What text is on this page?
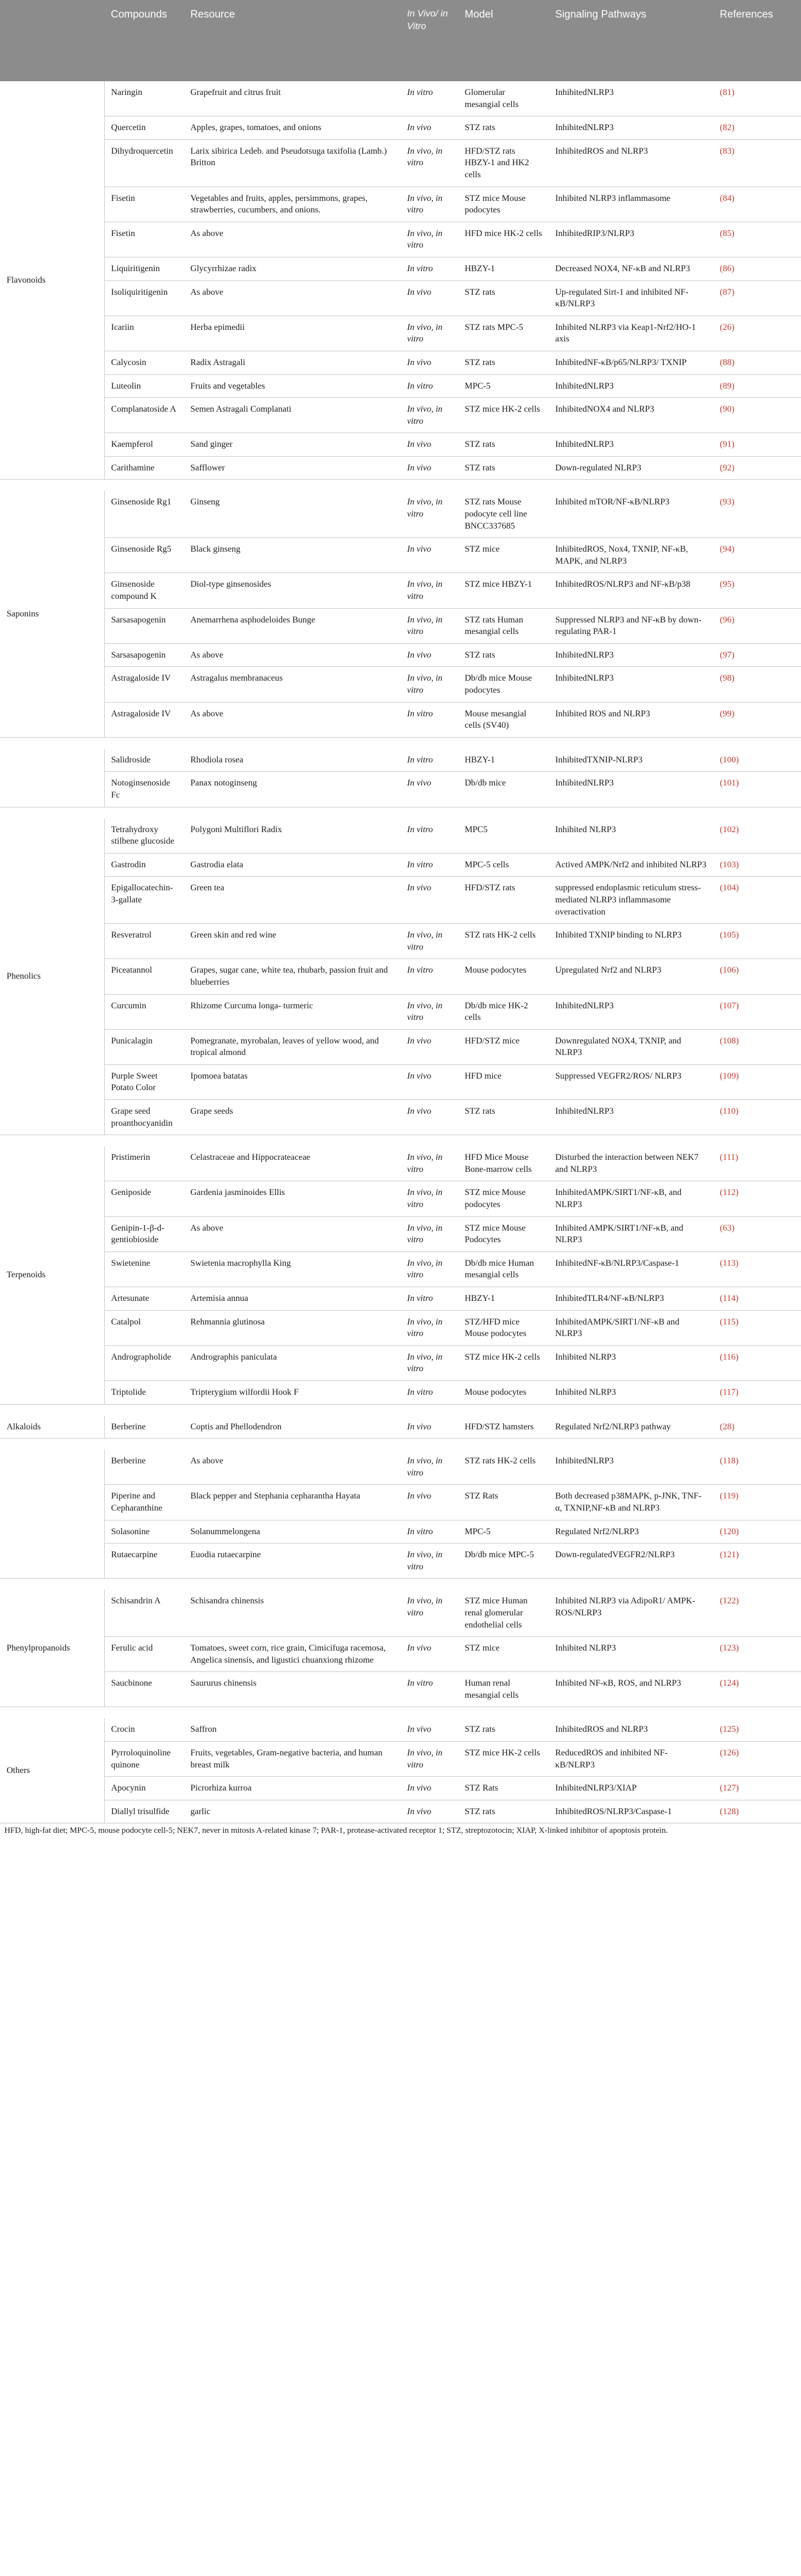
	Compounds	Resource	In Vivo/ in Vitro	Model	Signaling Pathways	References
Flavonoids	Naringin	Grapefruit and citrus fruit	In vitro	Glomerular mesangial cells	InhibitedNLRP3	(81)
	Quercetin	Apples, grapes, tomatoes, and onions	In vivo	STZ rats	InhibitedNLRP3	(82)
	Dihydroquercetin	Larix sibirica Ledeb. and Pseudotsuga taxifolia (Lamb.) Britton	In vivo, in vitro	HFD/STZ rats HBZY-1 and HK2 cells	InhibitedROS and NLRP3	(83)
	Fisetin	Vegetables and fruits, apples, persimmons, grapes, strawberries, cucumbers, and onions.	In vivo, in vitro	STZ mice Mouse podocytes	Inhibited NLRP3 inflammasome	(84)
	Fisetin	As above	In vivo, in vitro	HFD mice HK-2 cells	InhibitedRIP3/NLRP3	(85)
	Liquiritigenin	Glycyrrhizae radix	In vitro	HBZY-1	Decreased NOX4, NF-κB and NLRP3	(86)
	Isoliquiritigenin	As above	In vivo	STZ rats	Up-regulated Sirt-1 and inhibited NF-κB/NLRP3	(87)
	Icariin	Herba epimedii	In vivo, in vitro	STZ rats MPC-5	Inhibited NLRP3 via Keap1-Nrf2/HO-1 axis	(26)
	Calycosin	Radix Astragali	In vivo	STZ rats	InhibitedNF-κB/p65/NLRP3/ TXNIP	(88)
	Luteolin	Fruits and vegetables	In vitro	MPC-5	InhibitedNLRP3	(89)
	Complanatoside A	Semen Astragali Complanati	In vivo, in vitro	STZ mice HK-2 cells	InhibitedNOX4 and NLRP3	(90)
	Kaempferol	Sand ginger	In vivo	STZ rats	InhibitedNLRP3	(91)
	Carithamine	Safflower	In vivo	STZ rats	Down-regulated NLRP3	(92)

Saponins	Ginsenoside Rg1	Ginseng	In vivo, in vitro	STZ rats Mouse podocyte cell line BNCC337685	Inhibited mTOR/NF-κB/NLRP3	(93)
	Ginsenoside Rg5	Black ginseng	In vivo	STZ mice	InhibitedROS, Nox4, TXNIP, NF-κB, MAPK, and NLRP3	(94)
	Ginsenoside compound K	Diol-type ginsenosides	In vivo, in vitro	STZ mice HBZY-1	InhibitedROS/NLRP3 and NF-κB/p38	(95)
	Sarsasapogenin	Anemarrhena asphodeloides Bunge	In vivo, in vitro	STZ rats Human mesangial cells	Suppressed NLRP3 and NF-κB by down-regulating PAR-1	(96)
	Sarsasapogenin	As above	In vivo	STZ rats	InhibitedNLRP3	(97)
	Astragaloside IV	Astragalus membranaceus	In vivo, in vitro	Db/db mice Mouse podocytes	InhibitedNLRP3	(98)
	Astragaloside IV	As above	In vitro	Mouse mesangial cells (SV40)	Inhibited ROS and NLRP3	(99)

	Salidroside	Rhodiola rosea	In vitro	HBZY-1	InhibitedTXNIP-NLRP3	(100)
	Notoginsenoside Fc	Panax notoginseng	In vivo	Db/db mice	InhibitedNLRP3	(101)

Phenolics	Tetrahydroxy stilbene glucoside	Polygoni Multiflori Radix	In vitro	MPC5	Inhibited NLRP3	(102)
	Gastrodin	Gastrodia elata	In vitro	MPC-5 cells	Actived AMPK/Nrf2 and inhibited NLRP3	(103)
	Epigallocatechin-3-gallate	Green tea	In vivo	HFD/STZ rats	suppressed endoplasmic reticulum stress-mediated NLRP3 inflammasome overactivation	(104)
	Resveratrol	Green skin and red wine	In vivo, in vitro	STZ rats HK-2 cells	Inhibited TXNIP binding to NLRP3	(105)
	Piceatannol	Grapes, sugar cane, white tea, rhubarb, passion fruit and blueberries	In vitro	Mouse podocytes	Upregulated Nrf2 and NLRP3	(106)
	Curcumin	Rhizome Curcuma longa- turmeric	In vivo, in vitro	Db/db mice HK-2 cells	InhibitedNLRP3	(107)
	Punicalagin	Pomegranate, myrobalan, leaves of yellow wood, and tropical almond	In vivo	HFD/STZ mice	Downregulated NOX4, TXNIP, and NLRP3	(108)
	Purple Sweet Potato Color	Ipomoea batatas	In vivo	HFD mice	Suppressed VEGFR2/ROS/ NLRP3	(109)
	Grape seed proanthocyanidin	Grape seeds	In vivo	STZ rats	InhibitedNLRP3	(110)

Terpenoids	Pristimerin	Celastraceae and Hippocrateaceae	In vivo, in vitro	HFD Mice Mouse Bone-marrow cells	Disturbed the interaction between NEK7 and NLRP3	(111)
	Geniposide	Gardenia jasminoides Ellis	In vivo, in vitro	STZ mice Mouse podocytes	InhibitedAMPK/SIRT1/NF-κB, and NLRP3	(112)
	Genipin-1-β-d-gentiobioside	As above	In vivo, in vitro	STZ mice Mouse Podocytes	Inhibited AMPK/SIRT1/NF-κB, and NLRP3	(63)
	Swietenine	Swietenia macrophylla King	In vivo, in vitro	Db/db mice Human mesangial cells	InhibitedNF-κB/NLRP3/Caspase-1	(113)
	Artesunate	Artemisia annua	In vitro	HBZY-1	InhibitedTLR4/NF-κB/NLRP3	(114)
	Catalpol	Rehmannia glutinosa	In vivo, in vitro	STZ/HFD mice Mouse podocytes	InhibitedAMPK/SIRT1/NF-κB and NLRP3	(115)
	Andrographolide	Andrographis paniculata	In vivo, in vitro	STZ mice HK-2 cells	Inhibited NLRP3	(116)
	Triptolide	Tripterygium wilfordii Hook F	In vitro	Mouse podocytes	Inhibited NLRP3	(117)

Alkaloids	Berberine	Coptis and Phellodendron	In vivo	HFD/STZ hamsters	Regulated Nrf2/NLRP3 pathway	(28)

	Berberine	As above	In vivo, in vitro	STZ rats HK-2 cells	InhibitedNLRP3	(118)
	Piperine and Cepharanthine	Black pepper and Stephania cepharantha Hayata	In vivo	STZ Rats	Both decreased p38MAPK, p-JNK, TNF-α, TXNIP,NF-κB and NLRP3	(119)
	Solasonine	Solanummelongena	In vitro	MPC-5	Regulated Nrf2/NLRP3	(120)
	Rutaecarpine	Euodia rutaecarpine	In vivo, in vitro	Db/db mice MPC-5	Down-regulatedVEGFR2/NLRP3	(121)

Phenylpropanoids	Schisandrin A	Schisandra chinensis	In vivo, in vitro	STZ mice Human renal glomerular endothelial cells	Inhibited NLRP3 via AdipoR1/ AMPK-ROS/NLRP3	(122)
	Ferulic acid	Tomatoes, sweet corn, rice grain, Cimicifuga racemosa, Angelica sinensis, and ligustici chuanxiong rhizome	In vivo	STZ mice	Inhibited NLRP3	(123)
	Saucbinone	Saururus chinensis	In vitro	Human renal mesangial cells	Inhibited NF-κB, ROS, and NLRP3	(124)

Others	Crocin	Saffron	In vivo	STZ rats	InhibitedROS and NLRP3	(125)
	Pyrroloquinoline quinone	Fruits, vegetables, Gram-negative bacteria, and human breast milk	In vivo, in vitro	STZ mice HK-2 cells	ReducedROS and inhibited NF-κB/NLRP3	(126)
	Apocynin	Picrorhiza kurroa	In vivo	STZ Rats	InhibitedNLRP3/XIAP	(127)
	Diallyl trisulfide	garlic	In vivo	STZ rats	InhibitedROS/NLRP3/Caspase-1	(128)
HFD, high-fat diet; MPC-5, mouse podocyte cell-5; NEK7, never in mitosis A-related kinase 7; PAR-1, protease-activated receptor 1; STZ, streptozotocin; XIAP, X-linked inhibitor of apoptosis protein.
